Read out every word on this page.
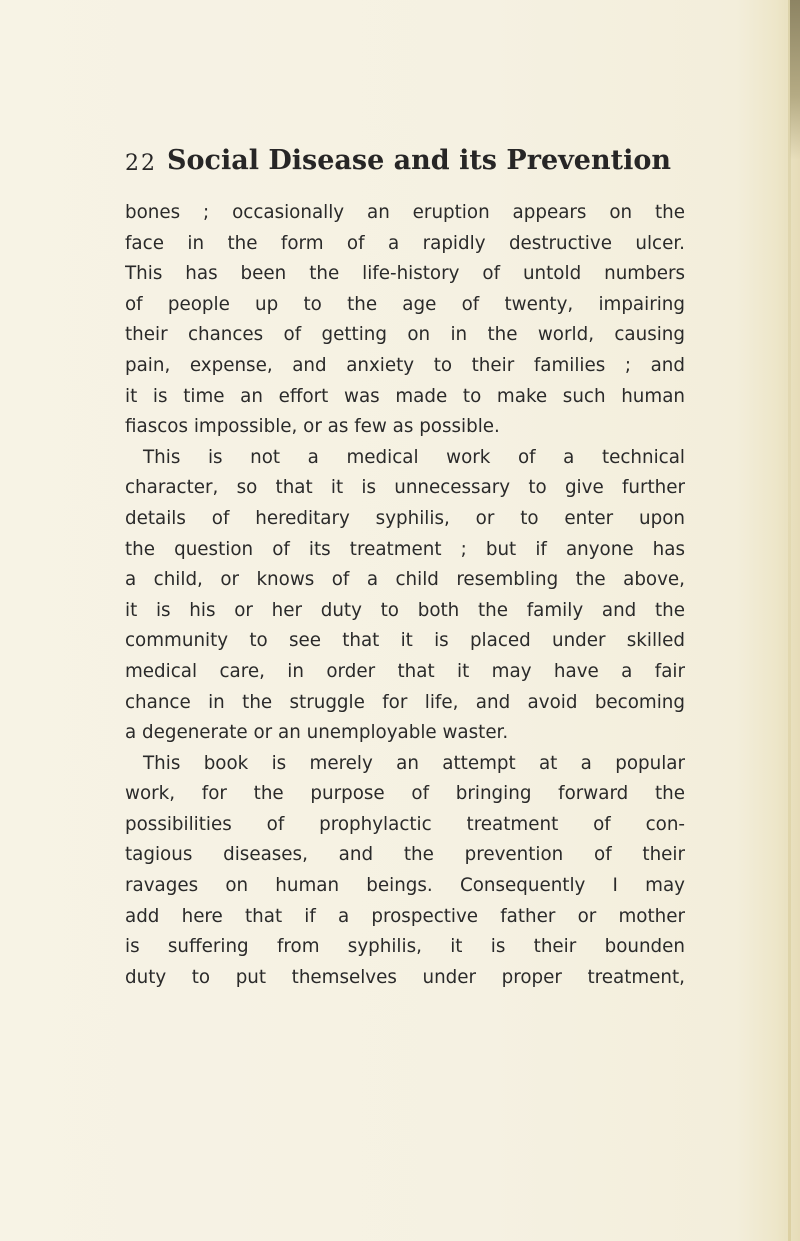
22 Social Disease and its Prevention
bones ; occasionally an eruption appears on the
face in the form of a rapidly destructive ulcer.
This has been the life-history of untold numbers
of people up to the age of twenty, impairing
their chances of getting on in the world, causing
pain, expense, and anxiety to their families ; and
it is time an effort was made to make such human
fiascos impossible, or as few as possible.
This is not a medical work of a technical
character, so that it is unnecessary to give further
details of hereditary syphilis, or to enter upon
the question of its treatment ; but if anyone has
a child, or knows of a child resembling the above,
it is his or her duty to both the family and the
community to see that it is placed under skilled
medical care, in order that it may have a fair
chance in the struggle for life, and avoid becoming
a degenerate or an unemployable waster.
This book is merely an attempt at a popular
work, for the purpose of bringing forward the
possibilities of prophylactic treatment of con-
tagious diseases, and the prevention of their
ravages on human beings. Consequently I may
add here that if a prospective father or mother
is suffering from syphilis, it is their bounden
duty to put themselves under proper treatment,
